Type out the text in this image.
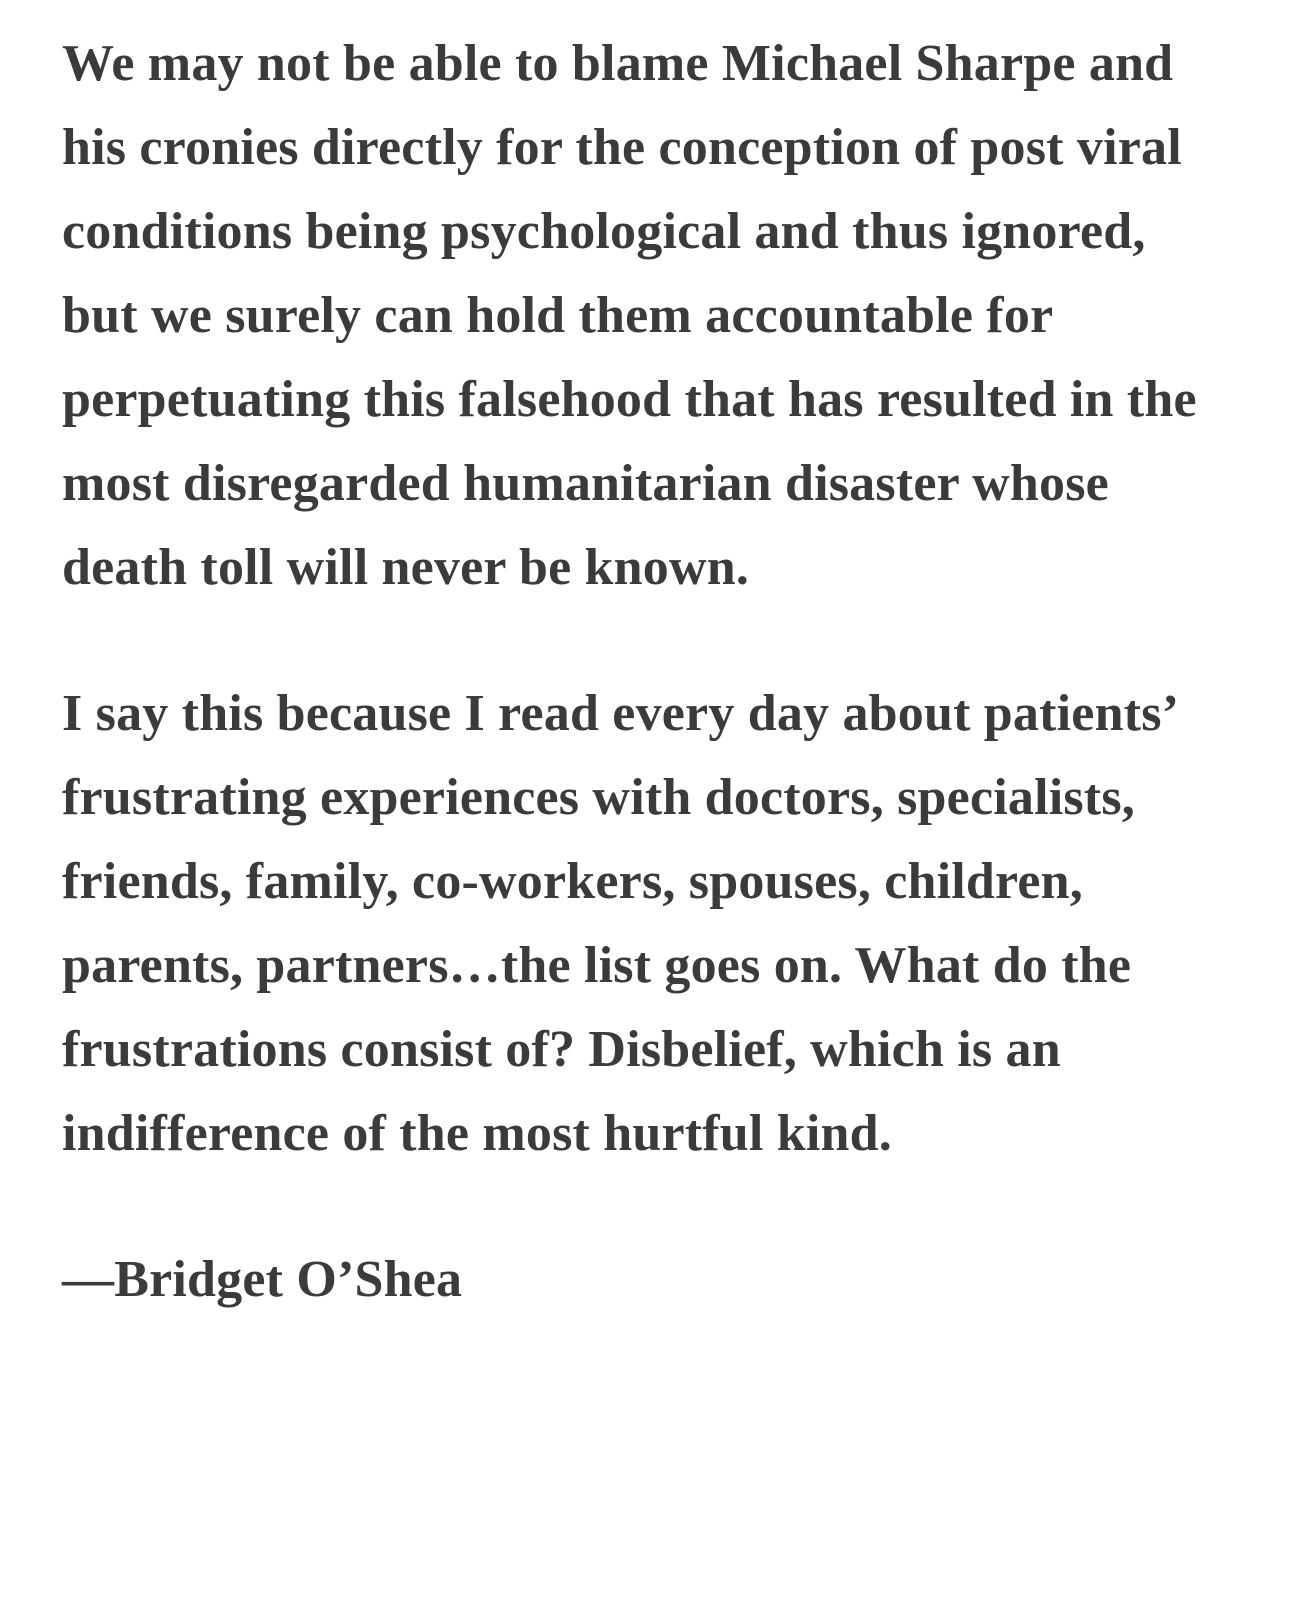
We may not be able to blame Michael Sharpe and his cronies directly for the conception of post viral conditions being psychological and thus ignored, but we surely can hold them accountable for perpetuating this falsehood that has resulted in the most disregarded humanitarian disaster whose death toll will never be known.

I say this because I read every day about patients’ frustrating experiences with doctors, specialists, friends, family, co-workers, spouses, children, parents, partners…the list goes on. What do the frustrations consist of? Disbelief, which is an indifference of the most hurtful kind.

—Bridget O’Shea
